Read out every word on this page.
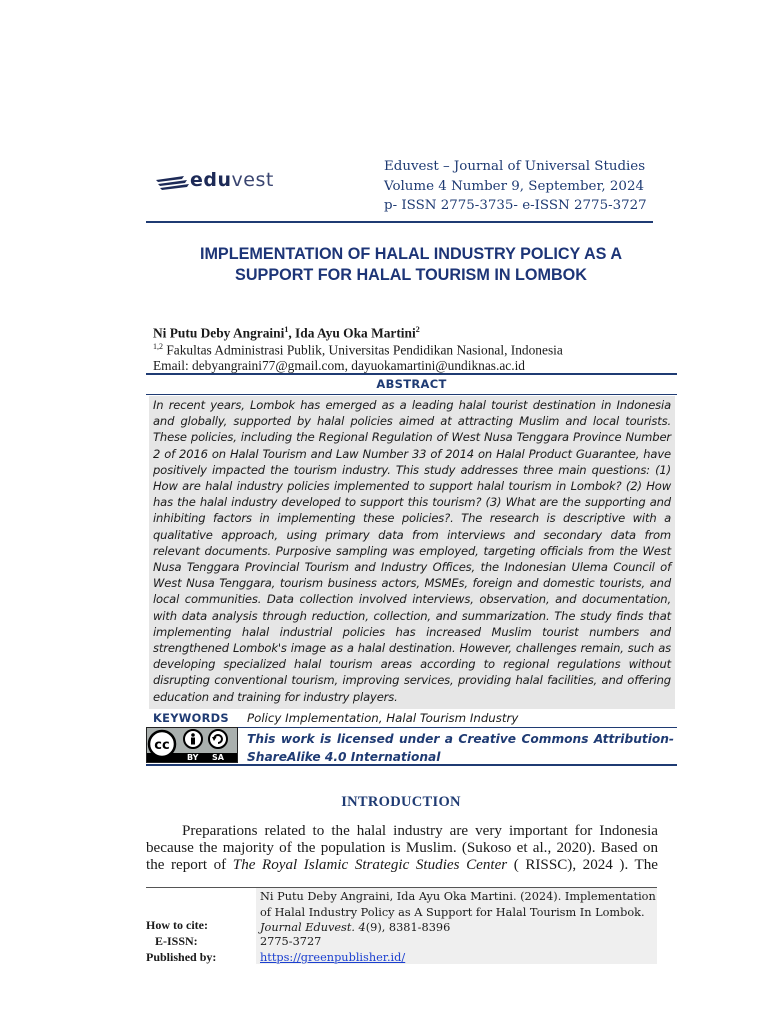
eduvest
Eduvest – Journal of Universal Studies
Volume 4 Number 9, September, 2024
p- ISSN 2775-3735- e-ISSN 2775-3727
IMPLEMENTATION OF HALAL INDUSTRY POLICY AS A
SUPPORT FOR HALAL TOURISM IN LOMBOK
Ni Putu Deby Angraini$^1$, Ida Ayu Oka Martini$^2$
$^{1,2}$ Fakultas Administrasi Publik, Universitas Pendidikan Nasional, Indonesia
Email: debyangraini77@gmail.com, dayuokamartini@undiknas.ac.id
ABSTRACT
In recent years, Lombok has emerged as a leading halal tourist destination in Indonesia and globally, supported by halal policies aimed at attracting Muslim and local tourists. These policies, including the Regional Regulation of West Nusa Tenggara Province Number 2 of 2016 on Halal Tourism and Law Number 33 of 2014 on Halal Product Guarantee, have positively impacted the tourism industry. This study addresses three main questions: (1) How are halal industry policies implemented to support halal tourism in Lombok? (2) How has the halal industry developed to support this tourism? (3) What are the supporting and inhibiting factors in implementing these policies?. The research is descriptive with a qualitative approach, using primary data from interviews and secondary data from relevant documents. Purposive sampling was employed, targeting officials from the West Nusa Tenggara Provincial Tourism and Industry Offices, the Indonesian Ulema Council of West Nusa Tenggara, tourism business actors, MSMEs, foreign and domestic tourists, and local communities. Data collection involved interviews, observation, and documentation, with data analysis through reduction, collection, and summarization. The study finds that implementing halal industrial policies has increased Muslim tourist numbers and strengthened Lombok's image as a halal destination. However, challenges remain, such as developing specialized halal tourism areas according to regional regulations without disrupting conventional tourism, improving services, providing halal facilities, and offering education and training for industry players.
KEYWORDS Policy Implementation, Halal Tourism Industry
cc
BY SA
This work is licensed under a Creative Commons Attribution-ShareAlike 4.0 International
INTRODUCTION
Preparations related to the halal industry are very important for Indonesia
because the majority of the population is Muslim. (Sukoso et al., 2020). Based on
the report of The Royal Islamic Strategic Studies Center ( RISSC), 2024 ). The
Ni Putu Deby Angraini, Ida Ayu Oka Martini. (2024). Implementation of Halal Industry Policy as A Support for Halal Tourism In Lombok. Journal Eduvest. 4(9), 8381-8396
How to cite:
E-ISSN:	2775-3727
Published by:	https://greenpublisher.id/
